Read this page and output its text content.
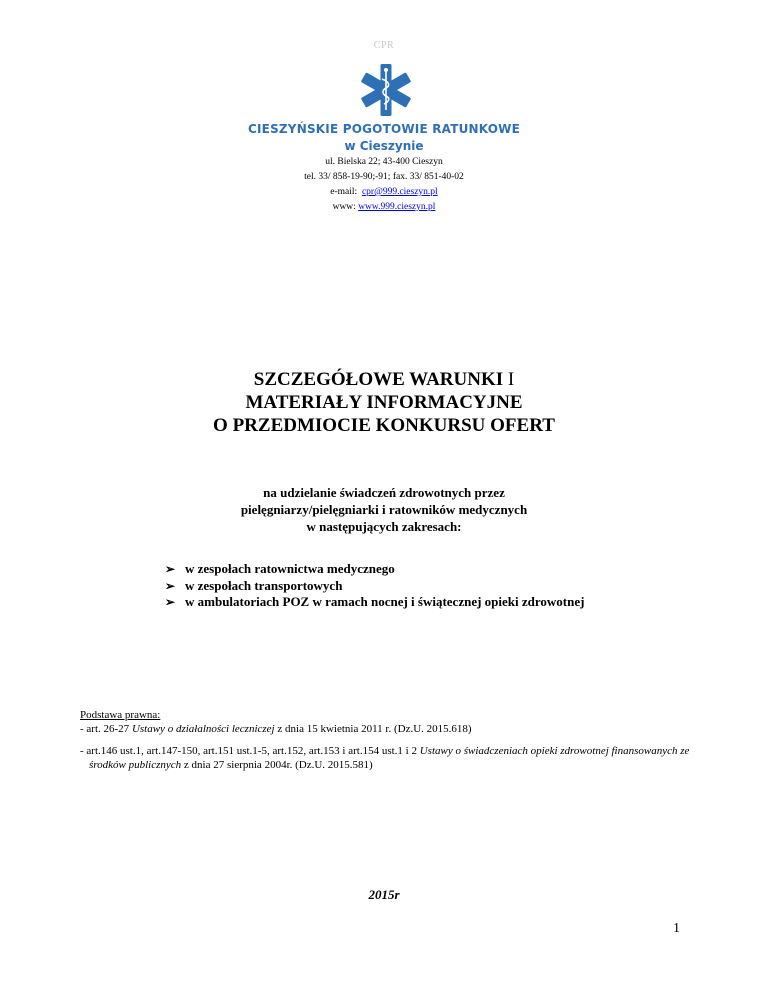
CPR
CIESZYŃSKIE POGOTOWIE RATUNKOWE
w Cieszynie
ul. Bielska 22; 43-400 Cieszyn
tel. 33/ 858-19-90;-91; fax. 33/ 851-40-02
e-mail: cpr@999.cieszyn.pl
www: www.999.cieszyn.pl
SZCZEGÓŁOWE WARUNKI I
MATERIAŁY INFORMACYJNE
O PRZEDMIOCIE KONKURSU OFERT
na udzielanie świadczeń zdrowotnych przez
pielęgniarzy/pielęgniarki i ratowników medycznych
w następujących zakresach:
➢ w zespołach ratownictwa medycznego
➢ w zespołach transportowych
➢ w ambulatoriach POZ w ramach nocnej i świątecznej opieki zdrowotnej
Podstawa prawna:
- art. 26-27 Ustawy o działalności leczniczej z dnia 15 kwietnia 2011 r. (Dz.U. 2015.618)
- art.146 ust.1, art.147-150, art.151 ust.1-5, art.152, art.153 i art.154 ust.1 i 2 Ustawy o świadczeniach opieki zdrowotnej finansowanych ze środków publicznych z dnia 27 sierpnia 2004r. (Dz.U. 2015.581)
2015r
1
